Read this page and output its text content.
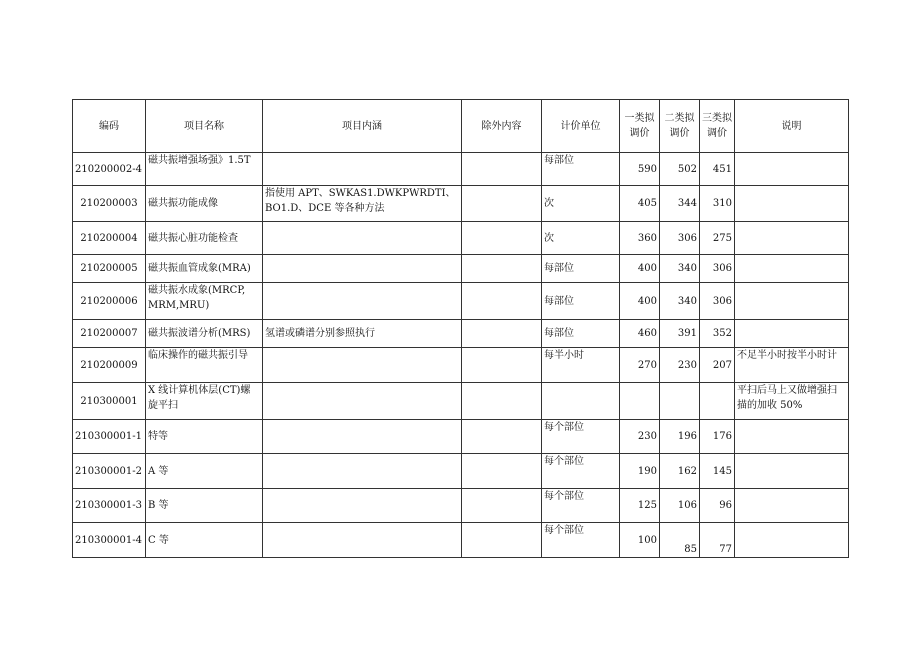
编码	项目名称	项目内涵	除外内容	计价单位	一类拟调价	二类拟调价	三类拟调价	说明
210200002-4	磁共振增强场强》1.5T			每部位	590	502	451	
210200003	磁共振功能成像	指使用 APT、SWKAS1.DWKPWRDTI、BO1.D、DCE 等各种方法		次	405	344	310	
210200004	磁共振心脏功能检查			次	360	306	275	
210200005	磁共振血管成象(MRA)			每部位	400	340	306	
210200006	磁共振水成象(MRCP, MRM,MRU)			每部位	400	340	306	
210200007	磁共振波谱分析(MRS)	氢谱或磷谱分别参照执行		每部位	460	391	352	
210200009	临床操作的磁共振引导			每半小时	270	230	207	不足半小时按半小时计
210300001	X 线计算机体层(CT)螺旋平扫							平扫后马上又做增强扫描的加收 50%
210300001-1	特等			每个部位	230	196	176	
210300001-2	A 等			每个部位	190	162	145	
210300001-3	B 等			每个部位	125	106	96	
210300001-4	C 等			每个部位	100	85	77	
